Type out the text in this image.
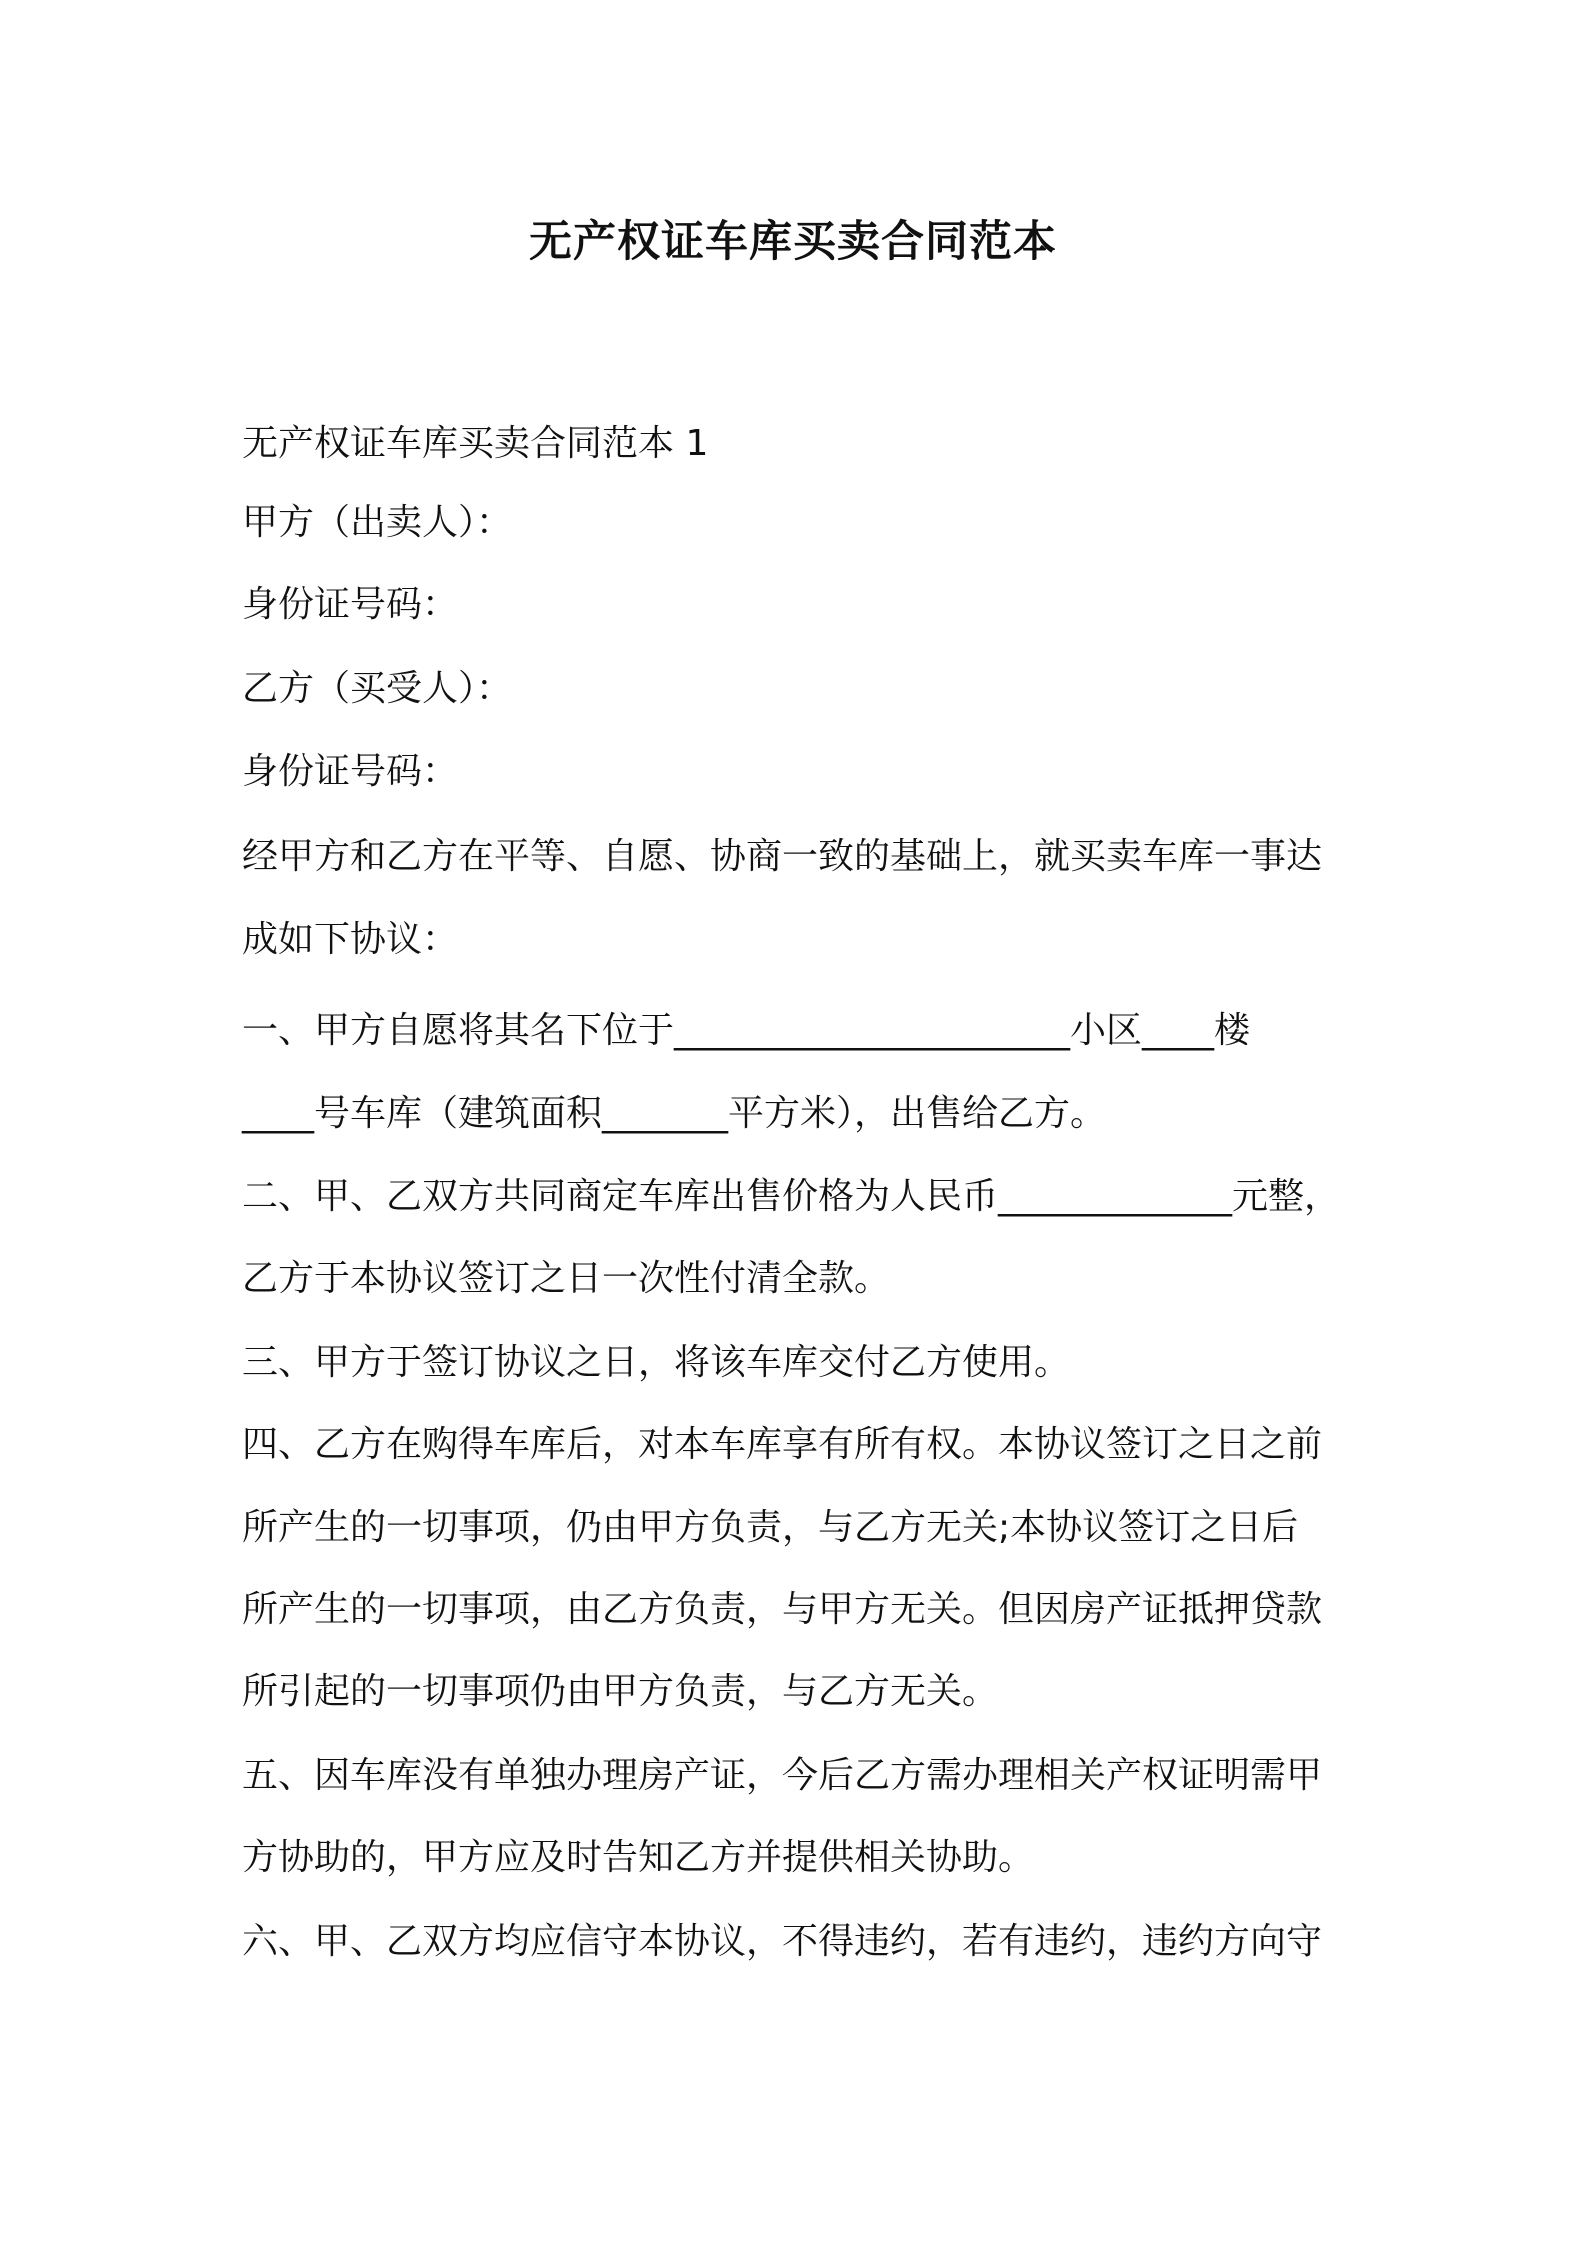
无产权证车库买卖合同范本
无产权证车库买卖合同范本 1
甲方（出卖人）：
身份证号码：
乙方（买受人）：
身份证号码：
经甲方和乙方在平等、自愿、协商一致的基础上，就买卖车库一事达
成如下协议：
一、甲方自愿将其名下位于______________________小区____楼
____号车库（建筑面积_______平方米），出售给乙方。
二、甲、乙双方共同商定车库出售价格为人民币_____________元整，
乙方于本协议签订之日一次性付清全款。
三、甲方于签订协议之日，将该车库交付乙方使用。
四、乙方在购得车库后，对本车库享有所有权。本协议签订之日之前
所产生的一切事项，仍由甲方负责，与乙方无关;本协议签订之日后
所产生的一切事项，由乙方负责，与甲方无关。但因房产证抵押贷款
所引起的一切事项仍由甲方负责，与乙方无关。
五、因车库没有单独办理房产证，今后乙方需办理相关产权证明需甲
方协助的，甲方应及时告知乙方并提供相关协助。
六、甲、乙双方均应信守本协议，不得违约，若有违约，违约方向守
